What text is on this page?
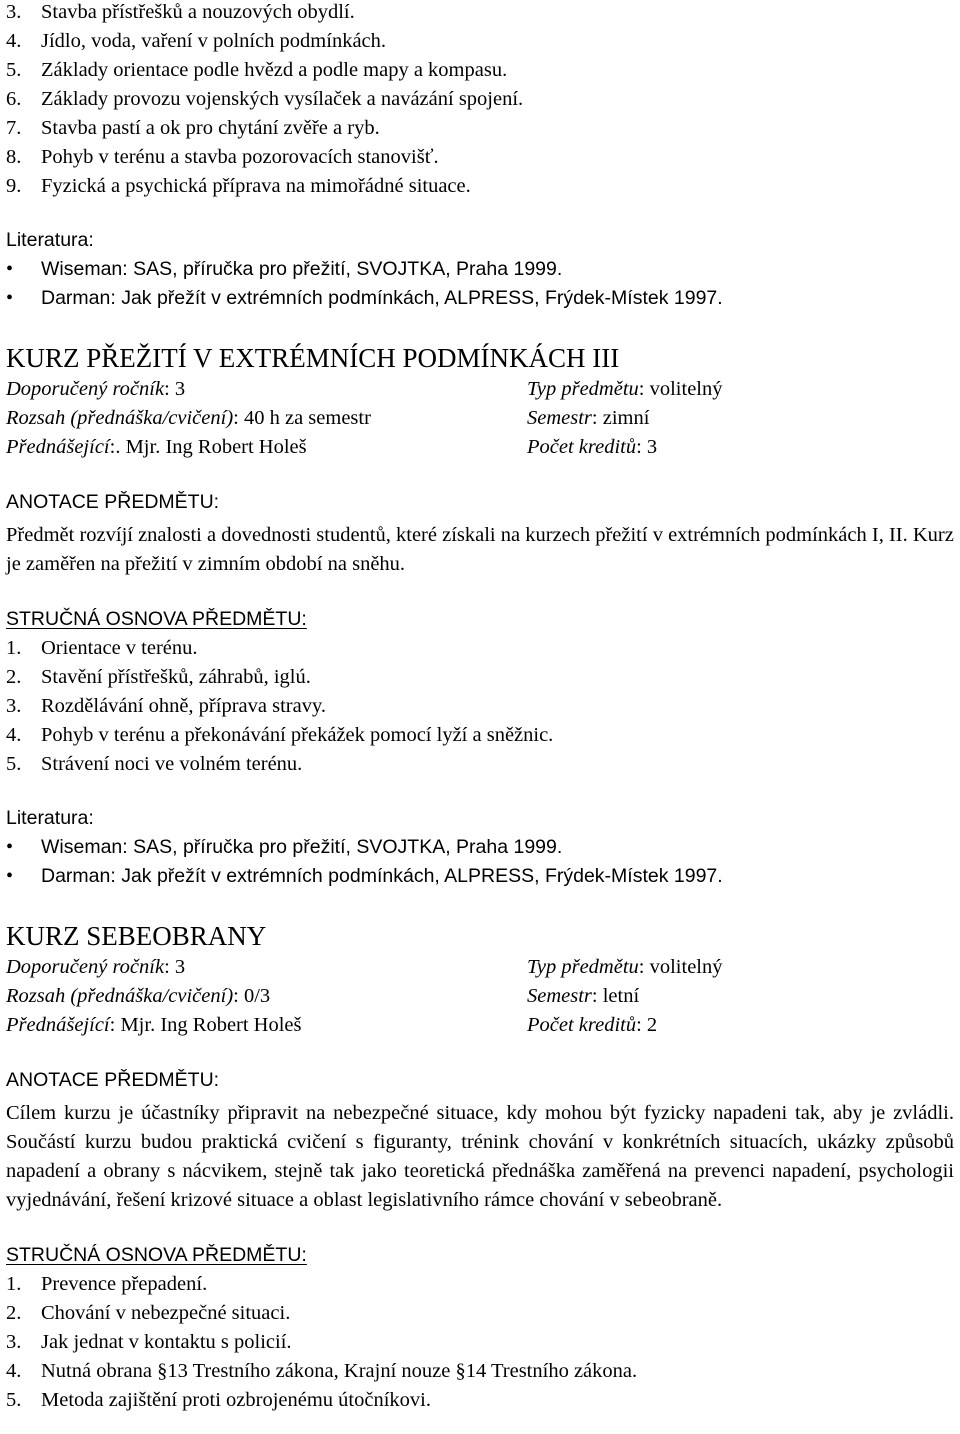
3. Stavba přístřešků a nouzových obydlí.
4. Jídlo, voda, vaření v polních podmínkách.
5. Základy orientace podle hvězd a podle mapy a kompasu.
6. Základy provozu vojenských vysílaček a navázání spojení.
7. Stavba pastí a ok pro chytání zvěře a ryb.
8. Pohyb v terénu a stavba pozorovacích stanovišť.
9. Fyzická a psychická příprava na mimořádné situace.
Literatura:
•	Wiseman: SAS, příručka pro přežití, SVOJTKA, Praha 1999.
•	Darman: Jak přežít v extrémních podmínkách, ALPRESS, Frýdek-Místek 1997.
KURZ PŘEŽITÍ V EXTRÉMNÍCH PODMÍNKÁCH III
Doporučený ročník: 3	Typ předmětu: volitelný
Rozsah (přednáška/cvičení): 40 h za semestr	Semestr: zimní
Přednášející:. Mjr. Ing Robert Holeš	Počet kreditů: 3
ANOTACE PŘEDMĚTU:

Předmět rozvíjí znalosti a dovednosti studentů, které získali na kurzech přežití v extrémních podmínkách I, II. Kurz je zaměřen na přežití v zimním období na sněhu.

STRUČNÁ OSNOVA PŘEDMĚTU:
1. Orientace v terénu.
2. Stavění přístřešků, záhrabů, iglú.
3. Rozdělávání ohně, příprava stravy.
4. Pohyb v terénu a překonávání překážek pomocí lyží a sněžnic.
5. Strávení noci ve volném terénu.
Literatura:
•	Wiseman: SAS, příručka pro přežití, SVOJTKA, Praha 1999.
•	Darman: Jak přežít v extrémních podmínkách, ALPRESS, Frýdek-Místek 1997.
KURZ SEBEOBRANY
Doporučený ročník: 3	Typ předmětu: volitelný
Rozsah (přednáška/cvičení): 0/3	Semestr: letní
Přednášející: Mjr. Ing Robert Holeš	Počet kreditů: 2
ANOTACE PŘEDMĚTU:

Cílem kurzu je účastníky připravit na nebezpečné situace, kdy mohou být fyzicky napadeni tak, aby je zvládli. Součástí kurzu budou praktická cvičení s figuranty, trénink chování v konkrétních situacích, ukázky způsobů napadení a obrany s nácvikem, stejně tak jako teoretická přednáška zaměřená na prevenci napadení, psychologii vyjednávání, řešení krizové situace a oblast legislativního rámce chování v sebeobraně.

STRUČNÁ OSNOVA PŘEDMĚTU:
1. Prevence přepadení.
2. Chování v nebezpečné situaci.
3. Jak jednat v kontaktu s policií.
4. Nutná obrana §13 Trestního zákona, Krajní nouze §14 Trestního zákona.
5. Metoda zajištění proti ozbrojenému útočníkovi.
